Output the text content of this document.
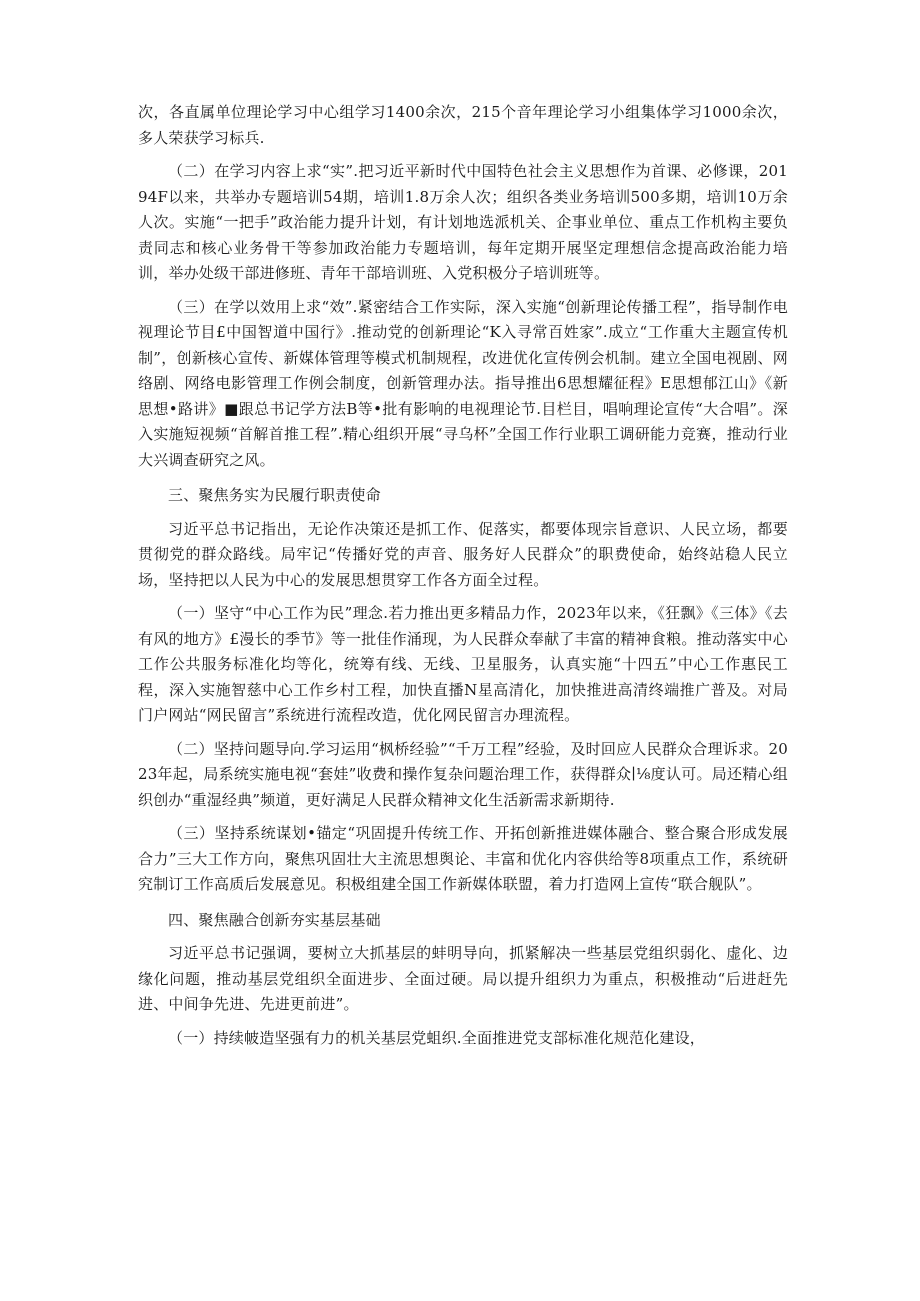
次，各直属单位理论学习中心组学习1400余次，215个音年理论学习小组集体学习1000余次，多人荣获学习标兵.

（二）在学习内容上求“实”.把习近平新时代中国特色社会主义思想作为首课、必修课，20194F以来，共举办专题培训54期，培训1.8万余人次；组织各类业务培训500多期，培训10万余人次。实施“一把手”政治能力提升计划，有计划地选派机关、企事业单位、重点工作机构主要负责同志和核心业务骨干等参加政治能力专题培训，每年定期开展坚定理想信念提高政治能力培训，举办处级干部进修班、青年干部培训班、入党积极分子培训班等。

（三）在学以效用上求“效”.紧密结合工作实际，深入实施“创新理论传播工程”，指导制作电视理论节目£中国智道中国行》.推动党的创新理论“K入寻常百姓家”.成立“工作重大主题宣传机制”，创新核心宣传、新媒体管理等模式机制规程，改进优化宣传例会机制。建立全国电视剧、网络剧、网络电影管理工作例会制度，创新管理办法。指导推出6思想耀征程》E思想郁江山》《新思想•路讲》■跟总书记学方法B等•批有影响的电视理论节.目栏目，唱响理论宣传“大合唱”。深入实施短视频“首解首推工程”.精心组织开展“寻乌杯”全国工作行业职工调研能力竞赛，推动行业大兴调查研究之风。

三、聚焦务实为民履行职责使命

习近平总书记指出，无论作决策还是抓工作、促落实，都要体现宗旨意识、人民立场，都要贯彻党的群众路线。局牢记“传播好党的声音、服务好人民群众”的职费使命，始终站稳人民立场，坚持把以人民为中心的发展思想贯穿工作各方面全过程。

（一）坚守“中心工作为民”理念.若力推出更多精品力作，2023年以来，《狂飘》《三体》《去有风的地方》£漫长的季节》等一批佳作涌现，为人民群众奉献了丰富的精神食粮。推动落实中心工作公共服务标准化均等化，统筹有线、无线、卫星服务，认真实施“十四五”中心工作惠民工程，深入实施智慈中心工作乡村工程，加快直播N星高清化，加快推进高清终端推广普及。对局门户网站“网民留言”系统进行流程改造，优化网民留言办理流程。

（二）坚持问题导向.学习运用“枫桥经验”“千万工程”经验，及时回应人民群众合理诉求。2023年起，局系统实施电视“套娃”收费和操作复杂问题治理工作，获得群众∣⅛度认可。局还精心组织创办“重湿经典”频道，更好满足人民群众精神文化生活新需求新期待.

（三）坚持系统谋划•锚定“巩固提升传统工作、开拓创新推进媒体融合、整合聚合形成发展合力”三大工作方向，聚焦巩固壮大主流思想舆论、丰富和优化内容供给等8项重点工作，系统研究制订工作高质后发展意见。积极组建全国工作新媒体联盟，着力打造网上宣传“联合舰队”。

四、聚焦融合创新夯实基层基础

习近平总书记强调，要树立大抓基层的蚌明导向，抓紧解决一些基层党组织弱化、虚化、边缘化问题，推动基层党组织全面进步、全面过硬。局以提升组织力为重点，积极推动“后进赶先进、中间争先进、先进更前进”。

（一）持续帔造坚强有力的机关基层党蛆织.全面推进党支部标准化规范化建设，
